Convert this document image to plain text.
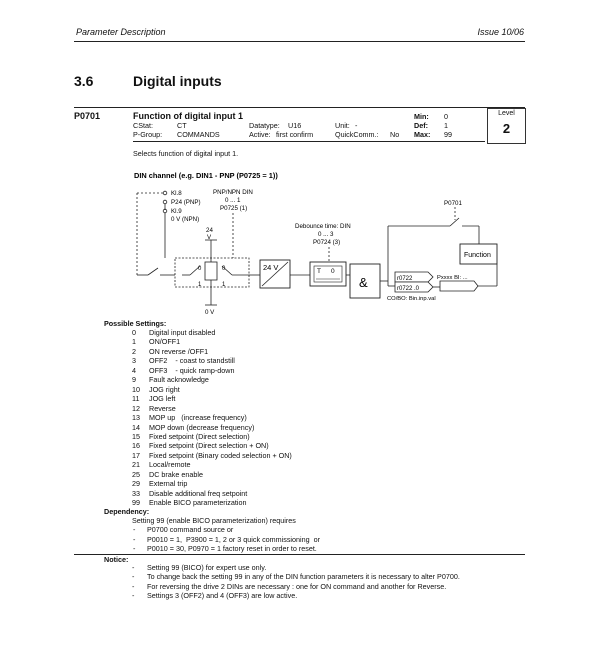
Parameter Description	Issue 10/06
3.6	Digital inputs
P0701	Function of digital input 1
CStat:	CT
P-Group: COMMANDS
Datatype: U16
Active: first confirm
Unit: -
QuickComm.: No
Min: 0
Def: 1
Max: 99
Level
2
Selects function of digital input 1.
DIN channel (e.g. DIN1 - PNP (P0725 = 1))
Kl.8
P24 (PNP)
Kl.9
0 V (NPN)
PNP/NPN DIN
0 ... 1
P0725 (1)
24
V
0	0
1	1
0 V
24 V
Debounce time: DIN
0 ... 3
P0724 (3)
T 0
&
P0701
r0722
r0722 .0
Pxxxx BI: ...
CO/BO: Bin.inp.val
Function
Possible Settings:
0	Digital input disabled
1	ON/OFF1
2	ON reverse /OFF1
3	OFF2    - coast to standstill
4	OFF3    - quick ramp-down
9	Fault acknowledge
10	JOG right
11	JOG left
12	Reverse
13	MOP up   (increase frequency)
14	MOP down (decrease frequency)
15	Fixed setpoint (Direct selection)
16	Fixed setpoint (Direct selection + ON)
17	Fixed setpoint (Binary coded selection + ON)
21	Local/remote
25	DC brake enable
29	External trip
33	Disable additional freq setpoint
99	Enable BICO parameterization
Dependency:
Setting 99 (enable BICO parameterization) requires
-	P0700 command source or
-	P0010 = 1,  P3900 = 1, 2 or 3 quick commissioning  or
-	P0010 = 30, P0970 = 1 factory reset in order to reset.
Notice:
-	Setting 99 (BICO) for expert use only.
-	To change back the setting 99 in any of the DIN function parameters it is necessary to alter P0700.
-	For reversing the drive 2 DINs are necessary : one for ON command and another for Reverse.
-	Settings 3 (OFF2) and 4 (OFF3) are low active.
